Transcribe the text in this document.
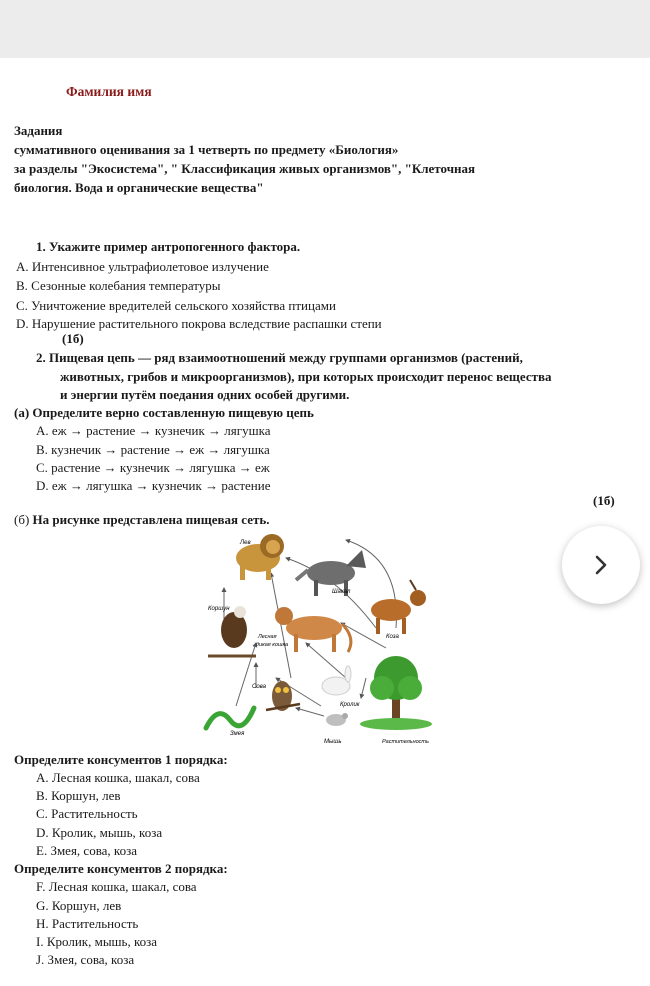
Фамилия имя
Задания
суммативного оценивания за 1 четверть по предмету «Биология»
за разделы "Экосистема", " Классификация живых организмов", "Клеточная
биология. Вода и органические вещества"
1. Укажите пример антропогенного фактора.
A. Интенсивное ультрафиолетовое излучение
B. Сезонные колебания температуры
C. Уничтожение вредителей сельского хозяйства птицами
D. Нарушение растительного покрова вследствие распашки степи
(1б)
2. Пищевая цепь — ряд взаимоотношений между группами организмов (растений,
животных, грибов и микроорганизмов), при которых происходит перенос вещества
и энергии путём поедания одних особей другими.
(а) Определите верно составленную пищевую цепь
A. еж → растение → кузнечик → лягушка
B. кузнечик → растение → еж → лягушка
C. растение → кузнечик → лягушка → еж
D. еж → лягушка → кузнечик → растение
(1б)
(б) На рисунке представлена пищевая сеть.
Определите консументов 1 порядка:
A. Лесная кошка, шакал, сова
B. Коршун, лев
C. Растительность
D. Кролик, мышь, коза
E. Змея, сова, коза
Определите консументов 2 порядка:
F. Лесная кошка, шакал, сова
G. Коршун, лев
H. Растительность
I. Кролик, мышь, коза
J. Змея, сова, коза
Лев
Шакал
Коршун
Лесная
дикая кошка
Коза
Сова
Кролик
Змея
Мышь	Растительность
